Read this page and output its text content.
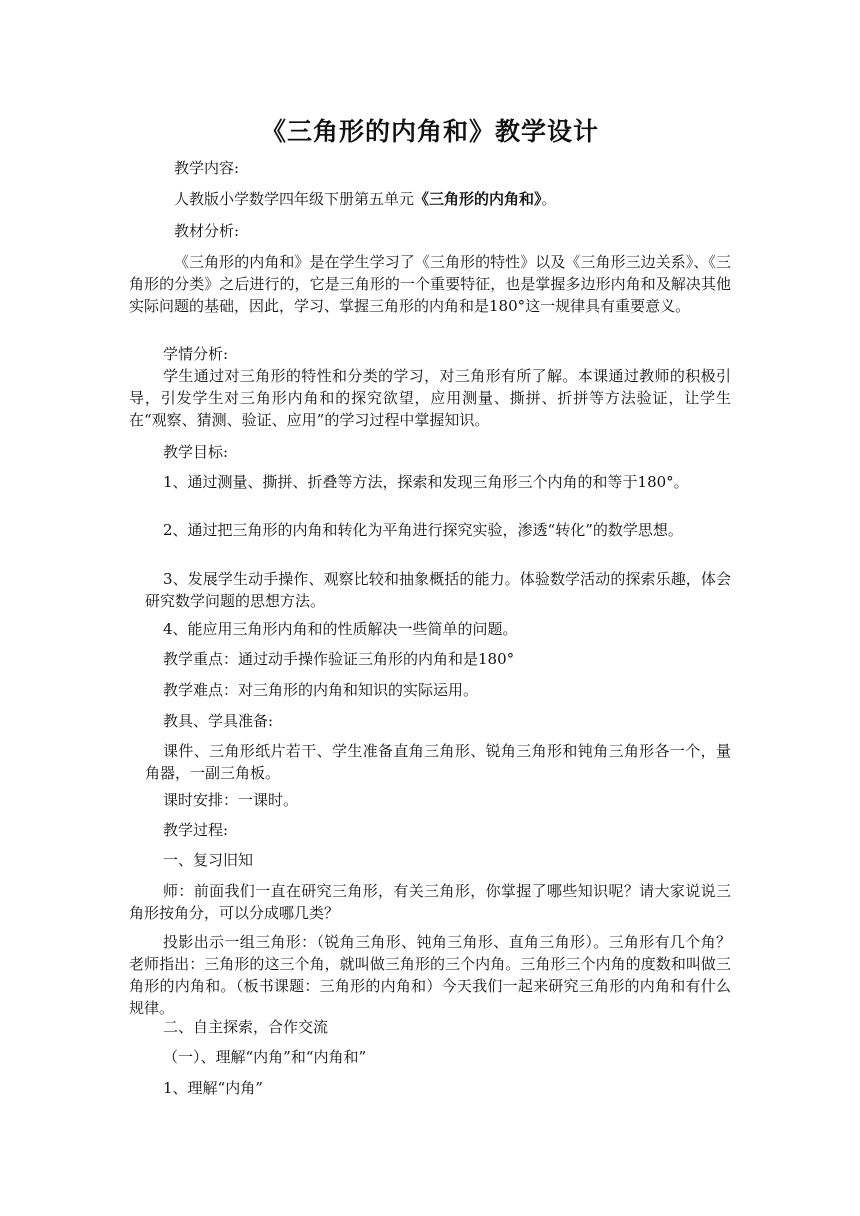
《三角形的内角和》教学设计
教学内容:
人教版小学数学四年级下册第五单元《三角形的内角和》。
教材分析:
《三角形的内角和》是在学生学习了《三角形的特性》以及《三角形三边关系》、《三角形的分类》之后进行的，它是三角形的一个重要特征，也是掌握多边形内角和及解决其他实际问题的基础，因此，学习、掌握三角形的内角和是180°这一规律具有重要意义。
学情分析:
学生通过对三角形的特性和分类的学习，对三角形有所了解。本课通过教师的积极引导，引发学生对三角形内角和的探究欲望，应用测量、撕拼、折拼等方法验证，让学生在“观察、猜测、验证、应用”的学习过程中掌握知识。
教学目标:
1、通过测量、撕拼、折叠等方法，探索和发现三角形三个内角的和等于180°。
2、通过把三角形的内角和转化为平角进行探究实验，渗透“转化”的数学思想。
3、发展学生动手操作、观察比较和抽象概括的能力。体验数学活动的探索乐趣，体会研究数学问题的思想方法。
4、能应用三角形内角和的性质解决一些简单的问题。
教学重点：通过动手操作验证三角形的内角和是180°
教学难点：对三角形的内角和知识的实际运用。
教具、学具准备:
课件、三角形纸片若干、学生准备直角三角形、锐角三角形和钝角三角形各一个，量角器，一副三角板。
课时安排：一课时。
教学过程:
一、复习旧知
师：前面我们一直在研究三角形，有关三角形，你掌握了哪些知识呢？请大家说说三角形按角分，可以分成哪几类？
投影出示一组三角形：（锐角三角形、钝角三角形、直角三角形）。三角形有几个角？老师指出：三角形的这三个角，就叫做三角形的三个内角。三角形三个内角的度数和叫做三角形的内角和。（板书课题：三角形的内角和）今天我们一起来研究三角形的内角和有什么规律。
二、自主探索，合作交流
（一）、理解“内角”和“内角和”
1、理解“内角”
